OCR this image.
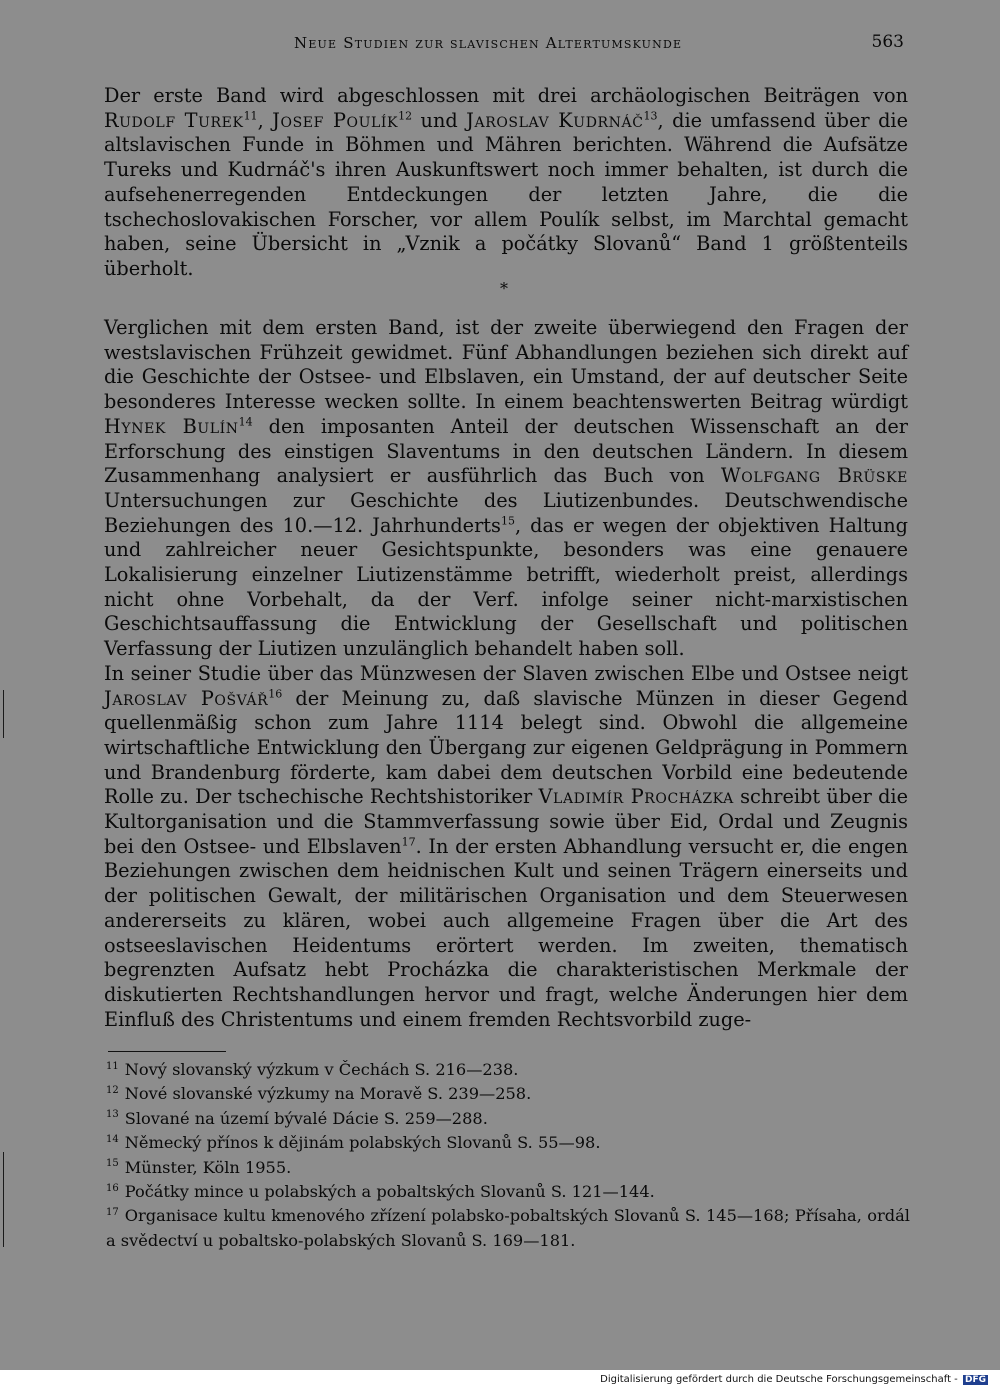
Neue Studien zur slavischen Altertumskunde	563

Der erste Band wird abgeschlossen mit drei archäologischen Beiträgen von Rudolf Turek$^{11}$, Josef Poulík$^{12}$ und Jaroslav Kudrnáč$^{13}$, die umfassend über die altslavischen Funde in Böhmen und Mähren berichten. Während die Aufsätze Tureks und Kudrnáč's ihren Auskunftswert noch immer behalten, ist durch die aufsehenerregenden Entdeckungen der letzten Jahre, die die tschechoslovakischen Forscher, vor allem Poulík selbst, im Marchtal gemacht haben, seine Übersicht in „Vznik a počátky Slovanů“ Band 1 größtenteils überholt.

*

Verglichen mit dem ersten Band, ist der zweite überwiegend den Fragen der westslavischen Frühzeit gewidmet. Fünf Abhandlungen beziehen sich direkt auf die Geschichte der Ostsee- und Elbslaven, ein Umstand, der auf deutscher Seite besonderes Interesse wecken sollte. In einem beachtenswerten Beitrag würdigt Hynek Bulín$^{14}$ den imposanten Anteil der deutschen Wissenschaft an der Erforschung des einstigen Slaventums in den deutschen Ländern. In diesem Zusammenhang analysiert er ausführlich das Buch von Wolfgang Brüske Untersuchungen zur Geschichte des Liutizenbundes. Deutschwendische Beziehungen des 10.—12. Jahrhunderts$^{15}$, das er wegen der objektiven Haltung und zahlreicher neuer Gesichtspunkte, besonders was eine genauere Lokalisierung einzelner Liutizenstämme betrifft, wiederholt preist, allerdings nicht ohne Vorbehalt, da der Verf. infolge seiner nicht-marxistischen Geschichtsauffassung die Entwicklung der Gesellschaft und politischen Verfassung der Liutizen unzulänglich behandelt haben soll.

In seiner Studie über das Münzwesen der Slaven zwischen Elbe und Ostsee neigt Jaroslav Pošvář$^{16}$ der Meinung zu, daß slavische Münzen in dieser Gegend quellenmäßig schon zum Jahre 1114 belegt sind. Obwohl die allgemeine wirtschaftliche Entwicklung den Übergang zur eigenen Geldprägung in Pommern und Brandenburg förderte, kam dabei dem deutschen Vorbild eine bedeutende Rolle zu. Der tschechische Rechtshistoriker Vladimír Procházka schreibt über die Kultorganisation und die Stammverfassung sowie über Eid, Ordal und Zeugnis bei den Ostsee- und Elbslaven$^{17}$. In der ersten Abhandlung versucht er, die engen Beziehungen zwischen dem heidnischen Kult und seinen Trägern einerseits und der politischen Gewalt, der militärischen Organisation und dem Steuerwesen andererseits zu klären, wobei auch allgemeine Fragen über die Art des ostseeslavischen Heidentums erörtert werden. Im zweiten, thematisch begrenzten Aufsatz hebt Procházka die charakteristischen Merkmale der diskutierten Rechtshandlungen hervor und fragt, welche Änderungen hier dem Einfluß des Christentums und einem fremden Rechtsvorbild zuge-

$^{11}$ Nový slovanský výzkum v Čechách S. 216—238.
$^{12}$ Nové slovanské výzkumy na Moravě S. 239—258.
$^{13}$ Slované na území bývalé Dácie S. 259—288.
$^{14}$ Německý přínos k dějinám polabských Slovanů S. 55—98.
$^{15}$ Münster, Köln 1955.
$^{16}$ Počátky mince u polabských a pobaltských Slovanů S. 121—144.
$^{17}$ Organisace kultu kmenového zřízení polabsko-pobaltských Slovanů S. 145—168; Přísaha, ordál a svědectví u pobaltsko-polabských Slovanů S. 169—181.
Digitalisierung gefördert durch die Deutsche Forschungsgemeinschaft - DFG
